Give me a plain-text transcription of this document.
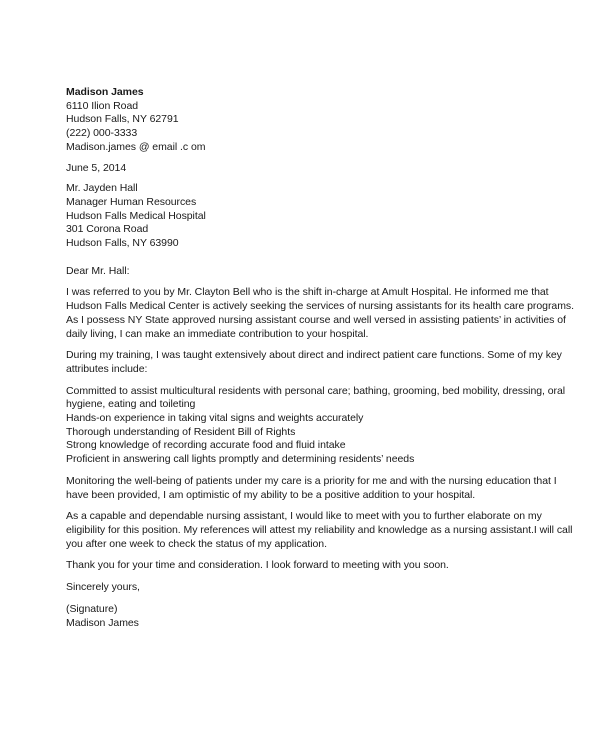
Madison James
6110 Ilion Road
Hudson Falls, NY 62791
(222) 000-3333
Madison.james @ email .c om
June 5, 2014
Mr. Jayden Hall
Manager Human Resources
Hudson Falls Medical Hospital
301 Corona Road
Hudson Falls, NY 63990
Dear Mr. Hall:

I was referred to you by Mr. Clayton Bell who is the shift in-charge at Amult Hospital. He informed me that
Hudson Falls Medical Center is actively seeking the services of nursing assistants for its health care programs.
As I possess NY State approved nursing assistant course and well versed in assisting patients’ in activities of
daily living, I can make an immediate contribution to your hospital.

During my training, I was taught extensively about direct and indirect patient care functions. Some of my key
attributes include:

Committed to assist multicultural residents with personal care; bathing, grooming, bed mobility, dressing, oral
hygiene, eating and toileting
Hands-on experience in taking vital signs and weights accurately
Thorough understanding of Resident Bill of Rights
Strong knowledge of recording accurate food and fluid intake
Proficient in answering call lights promptly and determining residents’ needs

Monitoring the well-being of patients under my care is a priority for me and with the nursing education that I
have been provided, I am optimistic of my ability to be a positive addition to your hospital.

As a capable and dependable nursing assistant, I would like to meet with you to further elaborate on my
eligibility for this position. My references will attest my reliability and knowledge as a nursing assistant.I will call
you after one week to check the status of my application.

Thank you for your time and consideration. I look forward to meeting with you soon.
Sincerely yours,
(Signature)
Madison James
